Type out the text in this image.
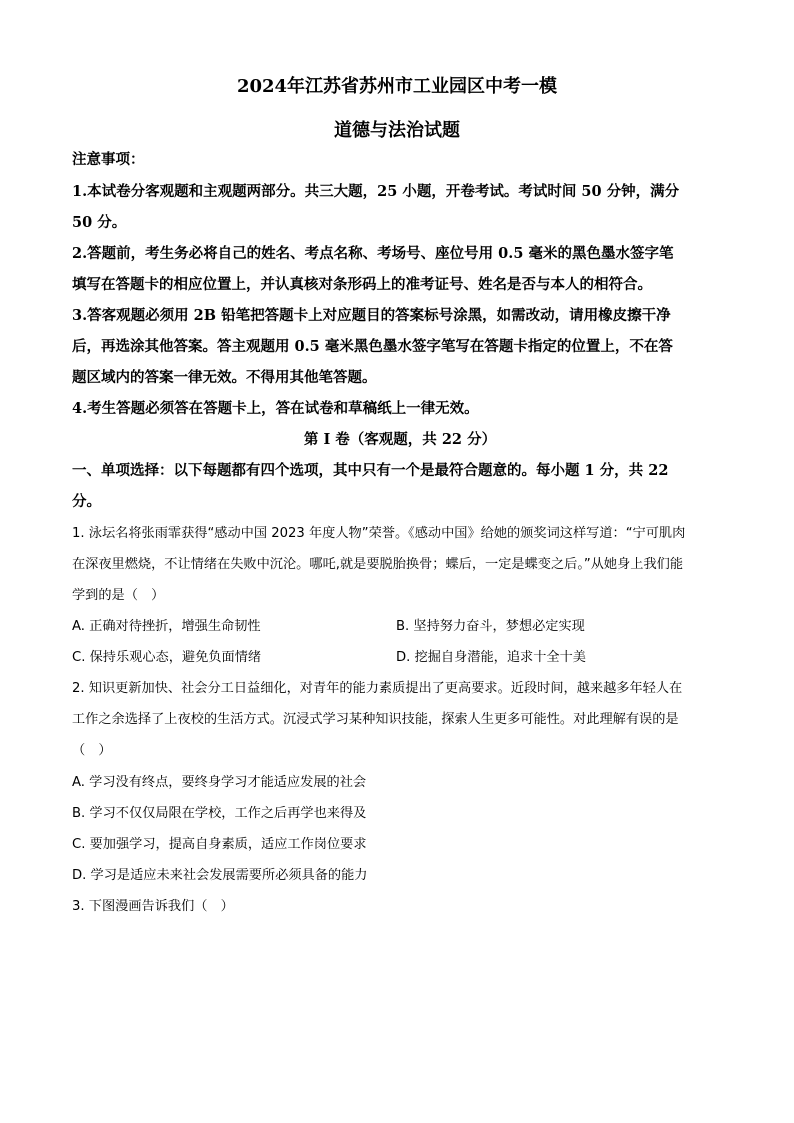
2024年江苏省苏州市工业园区中考一模
道德与法治试题
注意事项：
1.本试卷分客观题和主观题两部分。共三大题，25 小题，开卷考试。考试时间 50 分钟，满分
50 分。
2.答题前，考生务必将自己的姓名、考点名称、考场号、座位号用 0.5 毫米的黑色墨水签字笔
填写在答题卡的相应位置上，并认真核对条形码上的准考证号、姓名是否与本人的相符合。
3.答客观题必须用 2B 铅笔把答题卡上对应题目的答案标号涂黑，如需改动，请用橡皮擦干净
后，再选涂其他答案。答主观题用 0.5 毫米黑色墨水签字笔写在答题卡指定的位置上，不在答
题区域内的答案一律无效。不得用其他笔答题。
4.考生答题必须答在答题卡上，答在试卷和草稿纸上一律无效。
第 I 卷（客观题，共 22 分）
一、单项选择：以下每题都有四个选项，其中只有一个是最符合题意的。每小题 1 分，共 22
分。
1. 泳坛名将张雨霏获得“感动中国 2023 年度人物”荣誉。《感动中国》给她的颁奖词这样写道：“宁可肌肉
在深夜里燃烧，不让情绪在失败中沉沦。哪吒,就是要脱胎换骨；蝶后，一定是蝶变之后。”从她身上我们能
学到的是（　）
A. 正确对待挫折，增强生命韧性	B. 坚持努力奋斗，梦想必定实现
C. 保持乐观心态，避免负面情绪	D. 挖掘自身潜能，追求十全十美
2. 知识更新加快、社会分工日益细化，对青年的能力素质提出了更高要求。近段时间，越来越多年轻人在
工作之余选择了上夜校的生活方式。沉浸式学习某种知识技能，探索人生更多可能性。对此理解有误的是
（　）
A. 学习没有终点，要终身学习才能适应发展的社会
B. 学习不仅仅局限在学校，工作之后再学也来得及
C. 要加强学习，提高自身素质，适应工作岗位要求
D. 学习是适应未来社会发展需要所必须具备的能力
3. 下图漫画告诉我们（　）
